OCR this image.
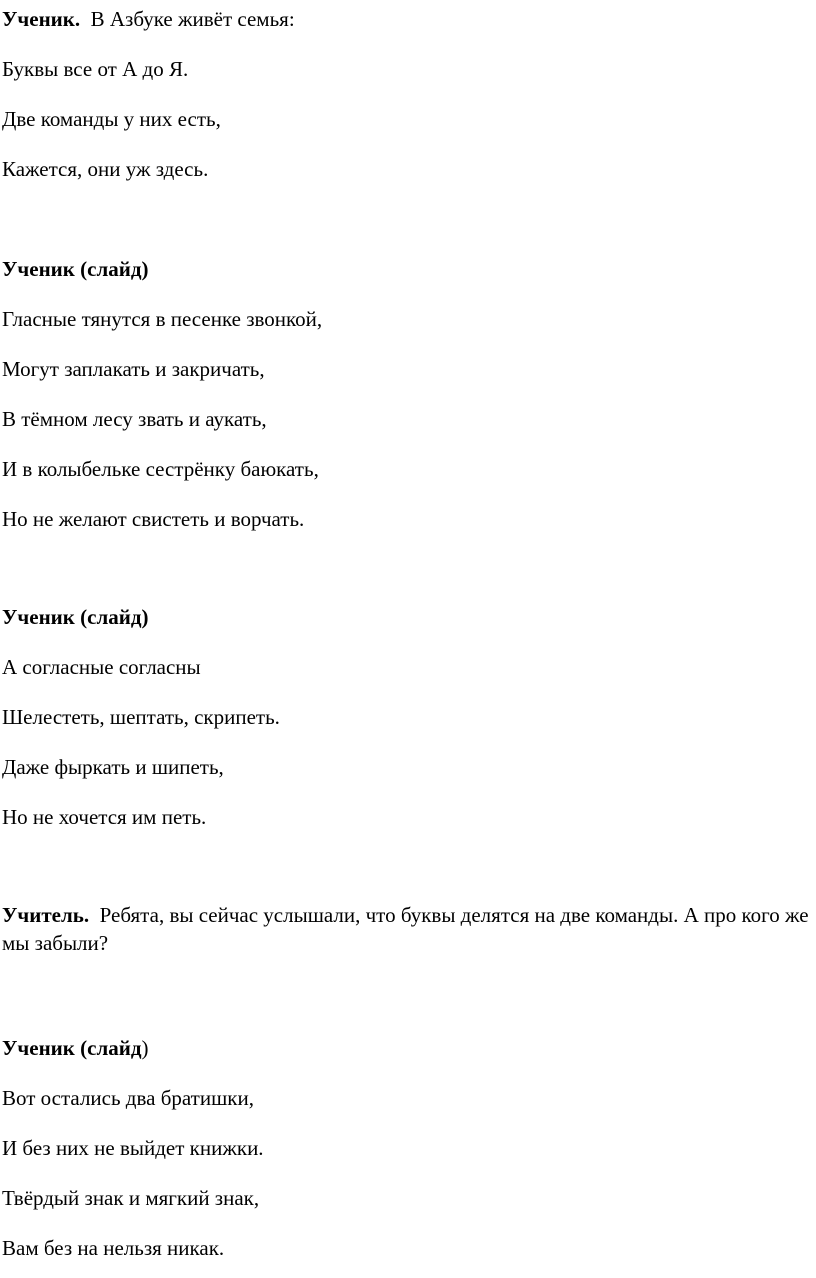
Ученик. В Азбуке живёт семья:
Буквы все от А до Я.
Две команды у них есть,
Кажется, они уж здесь.
Ученик (слайд)
Гласные тянутся в песенке звонкой,
Могут заплакать и закричать,
В тёмном лесу звать и аукать,
И в колыбельке сестрёнку баюкать,
Но не желают свистеть и ворчать.
Ученик (слайд)
А согласные согласны
Шелестеть, шептать, скрипеть.
Даже фыркать и шипеть,
Но не хочется им петь.
Учитель. Ребята, вы сейчас услышали, что буквы делятся на две команды. А про кого же мы забыли?
Ученик (слайд)
Вот остались два братишки,
И без них не выйдет книжки.
Твёрдый знак и мягкий знак,
Вам без на нельзя никак.
